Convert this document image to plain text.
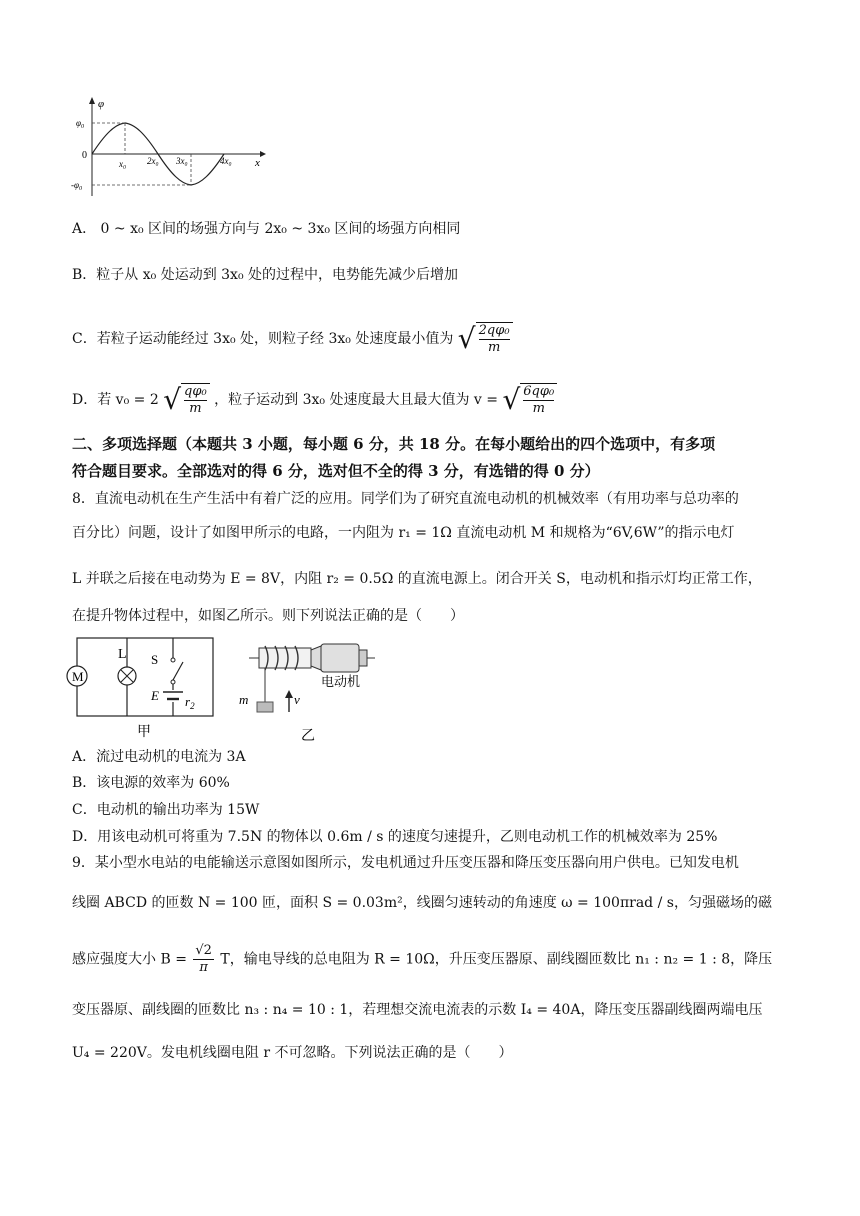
φ
x
$\varphi_0$
0
$-\varphi_0$
x₀ 2x₀ 3x₀	4x₀
A． 0 ~ x₀ 区间的场强方向与 2x₀ ~ 3x₀ 区间的场强方向相同
B．粒子从 x₀ 处运动到 3x₀ 处的过程中，电势能先减少后增加
C．若粒子运动能经过 3x₀ 处，则粒子经 3x₀ 处速度最小值为 √ $\frac{\text{2qφ₀}}{m}$
D．若 v₀ = 2 √ $\frac{\text{qφ₀}}{m}$ ，粒子运动到 3x₀ 处速度最大且最大值为 v = √ $\frac{\text{6qφ₀}}{m}$
二、多项选择题（本题共 3 小题，每小题 6 分，共 18 分。在每小题给出的四个选项中，有多项
符合题目要求。全部选对的得 6 分，选对但不全的得 3 分，有选错的得 0 分）
8．直流电动机在生产生活中有着广泛的应用。同学们为了研究直流电动机的机械效率（有用功率与总功率的
百分比）问题，设计了如图甲所示的电路，一内阻为 r₁ = 1Ω 直流电动机 M 和规格为“6V,6W”的指示电灯
L 并联之后接在电动势为 E = 8V，内阻 r₂ = 0.5Ω 的直流电源上。闭合开关 S，电动机和指示灯均正常工作，
在提升物体过程中，如图乙所示。则下列说法正确的是（　　）
M
L S
E $r_2$
甲
m	v
电动机
乙
A．流过电动机的电流为 3A
B．该电源的效率为 60%
C．电动机的输出功率为 15W
D．用该电动机可将重为 7.5N 的物体以 0.6m / s 的速度匀速提升，乙则电动机工作的机械效率为 25%
9．某小型水电站的电能输送示意图如图所示，发电机通过升压变压器和降压变压器向用户供电。已知发电机
线圈 ABCD 的匝数 N = 100 匝，面积 S = 0.03m²，线圈匀速转动的角速度 ω = 100πrad / s，匀强磁场的磁
感应强度大小 $B = \frac{√2}{\pi}$ T，输电导线的总电阻为 R = 10Ω，升压变压器原、副线圈匝数比 n₁ : n₂ = 1 : 8，降压
变压器原、副线圈的匝数比 n₃ : n₄ = 10 : 1，若理想交流电流表的示数 I₄ = 40A，降压变压器副线圈两端电压
U₄ = 220V。发电机线圈电阻 r 不可忽略。下列说法正确的是（　　）
